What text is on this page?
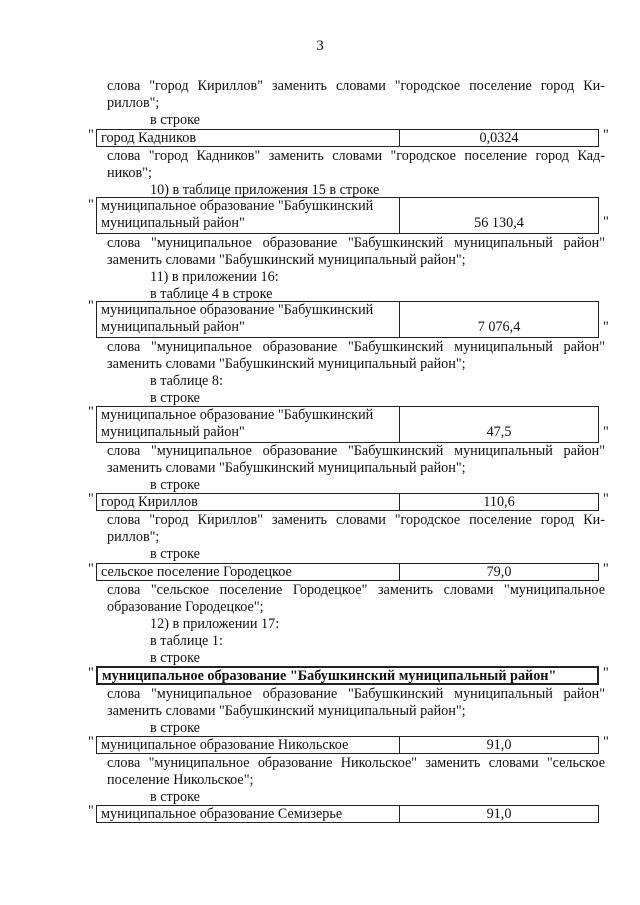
3
слова "город Кириллов" заменить словами "городское поселение город Ки-
риллов";
в строке
" город Кадников	0,0324	"
слова "город Кадников" заменить словами "городское поселение город Кад-
ников";
10) в таблице приложения 15 в строке
" муниципальное образование "Бабушкинский
муниципальный район"	56 130,4	"
слова "муниципальное образование "Бабушкинский муниципальный район"
заменить словами "Бабушкинский муниципальный район";
11) в приложении 16:
в таблице 4 в строке
" муниципальное образование "Бабушкинский
муниципальный район"	7 076,4	"
слова "муниципальное образование "Бабушкинский муниципальный район"
заменить словами "Бабушкинский муниципальный район";
в таблице 8:
в строке
" муниципальное образование "Бабушкинский
муниципальный район"	47,5	"
слова "муниципальное образование "Бабушкинский муниципальный район"
заменить словами "Бабушкинский муниципальный район";
в строке
" город Кириллов	110,6	"
слова "город Кириллов" заменить словами "городское поселение город Ки-
риллов";
в строке
" сельское поселение Городецкое	79,0	"
слова "сельское поселение Городецкое" заменить словами "муниципальное
образование Городецкое";
12) в приложении 17:
в таблице 1:
в строке
" муниципальное образование "Бабушкинский муниципальный район"	"
слова "муниципальное образование "Бабушкинский муниципальный район"
заменить словами "Бабушкинский муниципальный район";
в строке
" муниципальное образование Никольское	91,0	"
слова "муниципальное образование Никольское" заменить словами "сельское
поселение Никольское";
в строке
" муниципальное образование Семизерье	91,0
